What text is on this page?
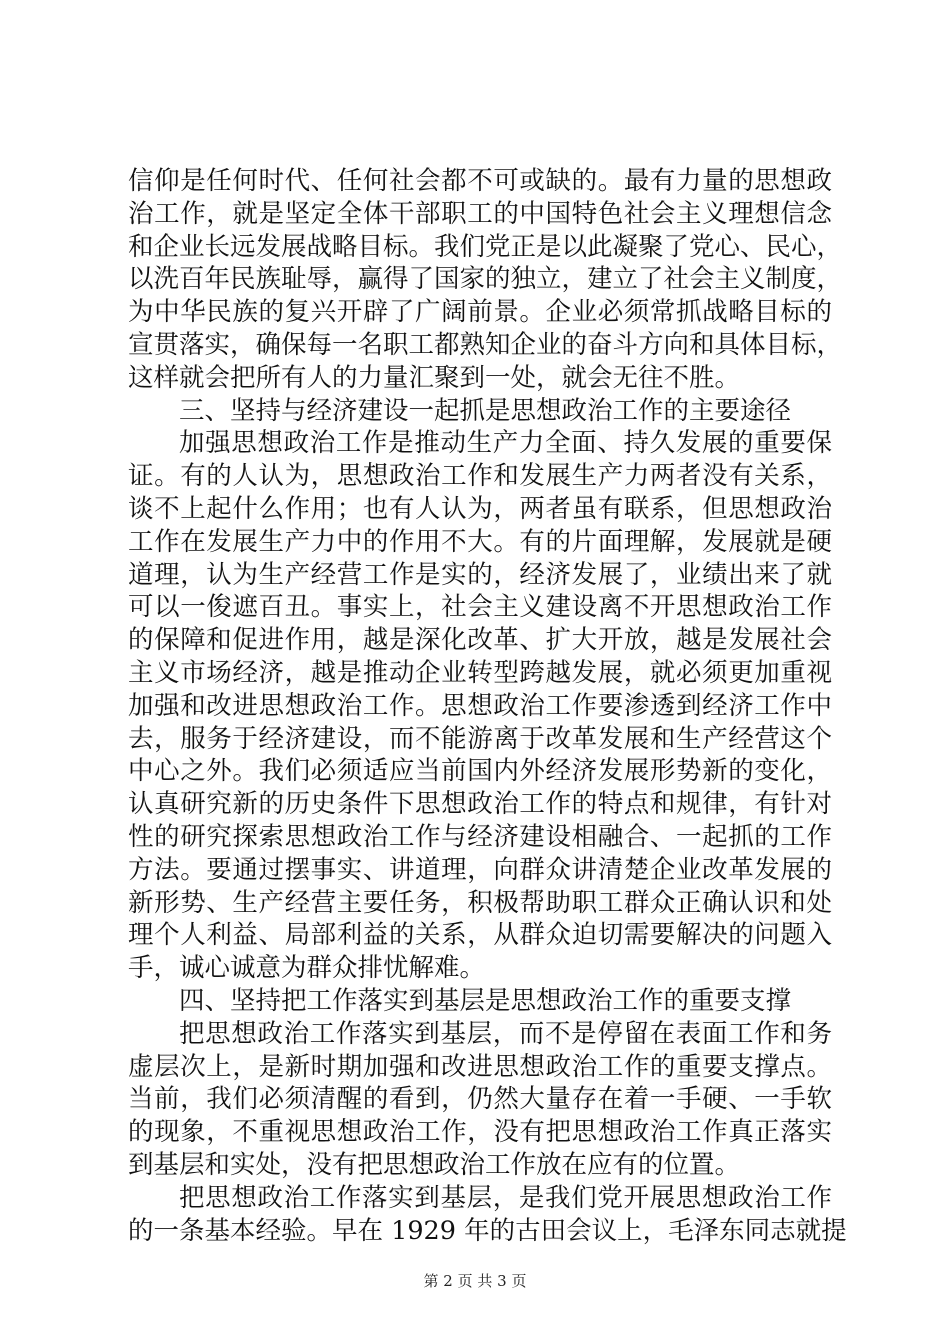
信仰是任何时代、任何社会都不可或缺的。最有力量的思想政
治工作，就是坚定全体干部职工的中国特色社会主义理想信念
和企业长远发展战略目标。我们党正是以此凝聚了党心、民心，
以洗百年民族耻辱，赢得了国家的独立，建立了社会主义制度，
为中华民族的复兴开辟了广阔前景。企业必须常抓战略目标的
宣贯落实，确保每一名职工都熟知企业的奋斗方向和具体目标，
这样就会把所有人的力量汇聚到一处，就会无往不胜。
三、坚持与经济建设一起抓是思想政治工作的主要途径
加强思想政治工作是推动生产力全面、持久发展的重要保
证。有的人认为，思想政治工作和发展生产力两者没有关系，
谈不上起什么作用；也有人认为，两者虽有联系，但思想政治
工作在发展生产力中的作用不大。有的片面理解，发展就是硬
道理，认为生产经营工作是实的，经济发展了，业绩出来了就
可以一俊遮百丑。事实上，社会主义建设离不开思想政治工作
的保障和促进作用，越是深化改革、扩大开放，越是发展社会
主义市场经济，越是推动企业转型跨越发展，就必须更加重视
加强和改进思想政治工作。思想政治工作要渗透到经济工作中
去，服务于经济建设，而不能游离于改革发展和生产经营这个
中心之外。我们必须适应当前国内外经济发展形势新的变化，
认真研究新的历史条件下思想政治工作的特点和规律，有针对
性的研究探索思想政治工作与经济建设相融合、一起抓的工作
方法。要通过摆事实、讲道理，向群众讲清楚企业改革发展的
新形势、生产经营主要任务，积极帮助职工群众正确认识和处
理个人利益、局部利益的关系，从群众迫切需要解决的问题入
手，诚心诚意为群众排忧解难。
四、坚持把工作落实到基层是思想政治工作的重要支撑
把思想政治工作落实到基层，而不是停留在表面工作和务
虚层次上，是新时期加强和改进思想政治工作的重要支撑点。
当前，我们必须清醒的看到，仍然大量存在着一手硬、一手软
的现象，不重视思想政治工作，没有把思想政治工作真正落实
到基层和实处，没有把思想政治工作放在应有的位置。
把思想政治工作落实到基层，是我们党开展思想政治工作
的一条基本经验。早在 1929 年的古田会议上，毛泽东同志就提
第 2 页 共 3 页
